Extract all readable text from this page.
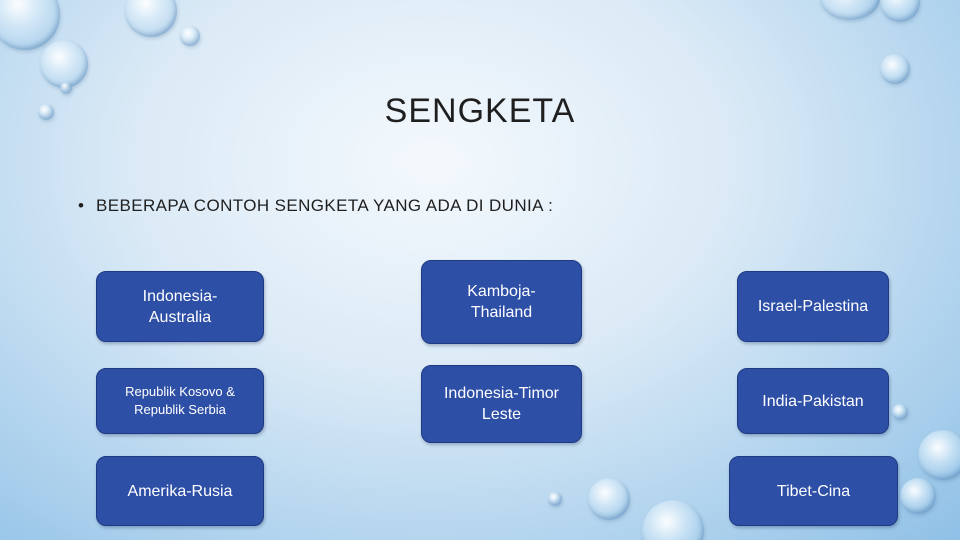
SENGKETA
• BEBERAPA CONTOH SENGKETA YANG ADA DI DUNIA :
Indonesia-Australia
Republik Kosovo & Republik Serbia
Amerika-Rusia
Kamboja-Thailand
Indonesia-Timor Leste
Israel-Palestina
India-Pakistan
Tibet-Cina
